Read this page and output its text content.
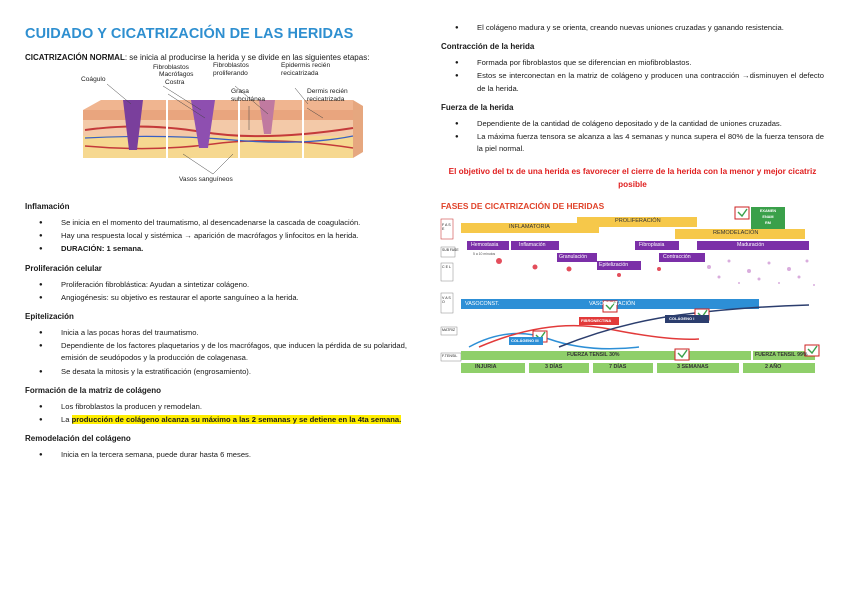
CUIDADO Y CICATRIZACIÓN DE LAS HERIDAS

CICATRIZACIÓN NORMAL: se inicia al producirse la herida y se divide en las siguientes etapas:

Coágulo
Fibroblastos
Macrófagos
Costra
Fibroblastos proliferando
Grasa subcutánea
Epidermis recién recicatrizada
Dermis recién recicatrizada
Vasos sanguíneos
Inflamación
● Se inicia en el momento del traumatismo, al desencadenarse la cascada de coagulación.
● Hay una respuesta local y sistémica → aparición de macrófagos y linfocitos en la herida.
● DURACIÓN: 1 semana.
Proliferación celular
● Proliferación fibroblástica: Ayudan a sintetizar colágeno.
● Angiogénesis: su objetivo es restaurar el aporte sanguíneo a la herida.
Epitelización
● Inicia a las pocas horas del traumatismo.
● Dependiente de los factores plaquetarios y de los macrófagos, que inducen la pérdida de su polaridad, emisión de seudópodos y la producción de colagenasa.
● Se desata la mitosis y la estratificación (engrosamiento).
Formación de la matriz de colágeno
● Los fibroblastos la producen y remodelan.
● La producción de colágeno alcanza su máximo a las 2 semanas y se detiene en la 4ta semana.
Remodelación del colágeno
● Inicia en la tercera semana, puede durar hasta 6 meses.
● El colágeno madura y se orienta, creando nuevas uniones cruzadas y ganando resistencia.
Contracción de la herida
● Formada por fibroblastos que se diferencian en miofibroblastos.
● Estos se interconectan en la matriz de colágeno y producen una contracción →disminuyen el defecto de la herida.
Fuerza de la herida
● Dependiente de la cantidad de colágeno depositado y de la cantidad de uniones cruzadas.
● La máxima fuerza tensora se alcanza a las 4 semanas y nunca supera el 80% de la fuerza tensora de la piel normal.
El objetivo del tx de una herida es favorecer el cierre de la herida con la menor y mejor cicatriz posible
FASES DE CICATRIZACIÓN DE HERIDAS	EXAMEN
ENAM
RM
F A S E
SUB FASE
C E L
V A S O
MATRIZ
F.TENSIL
INFLAMATORIA
PROLIFERACIÓN
REMODELACIÓN
Hemostasia	Inflamación
Granulación
Epitelización
Fibroplasia
Contracción
Maduración
5 a 10 minutos
VASOCONST.	VASODILATACIÓN
FIBRONECTINA	COLÁGENO I
COLÁGENO III
FUERZA TENSIL 30%	FUERZA TENSIL 99%
INJURIA	3 DÍAS	7 DÍAS	3 SEMANAS	2 AÑO
